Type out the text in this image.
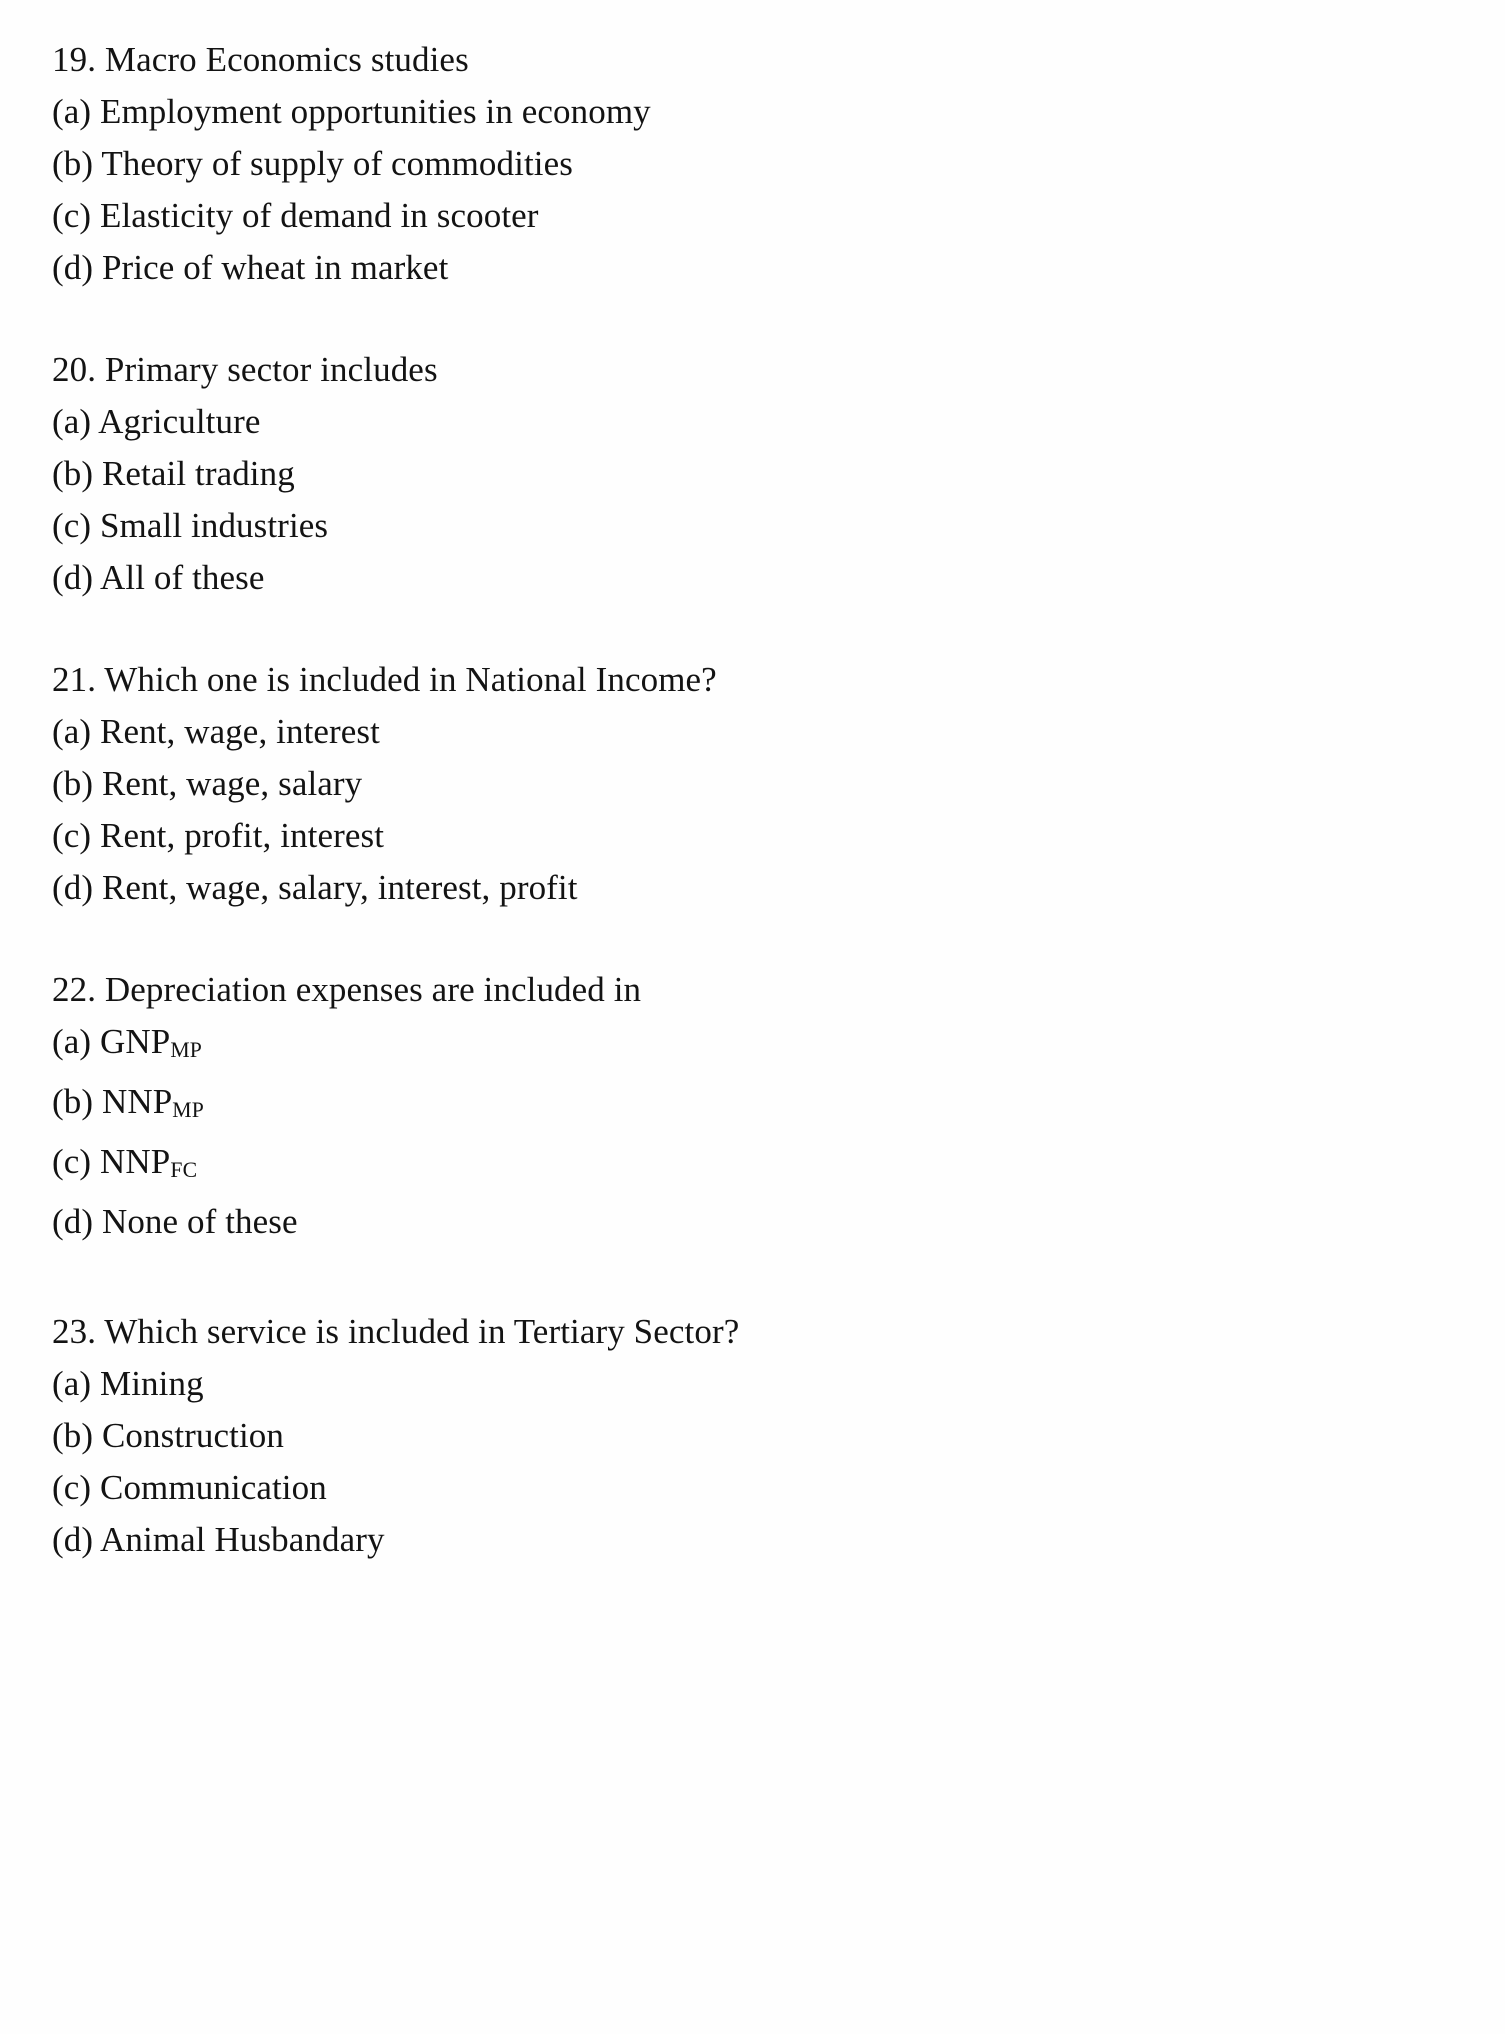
19. Macro Economics studies
(a) Employment opportunities in economy
(b) Theory of supply of commodities
(c) Elasticity of demand in scooter
(d) Price of wheat in market
20. Primary sector includes
(a) Agriculture
(b) Retail trading
(c) Small industries
(d) All of these
21. Which one is included in National Income?
(a) Rent, wage, interest
(b) Rent, wage, salary
(c) Rent, profit, interest
(d) Rent, wage, salary, interest, profit
22. Depreciation expenses are included in
(a) $GNP_{MP}$
(b) $NNP_{MP}$
(c) $NNP_{FC}$
(d) None of these
23. Which service is included in Tertiary Sector?
(a) Mining
(b) Construction
(c) Communication
(d) Animal Husbandary
